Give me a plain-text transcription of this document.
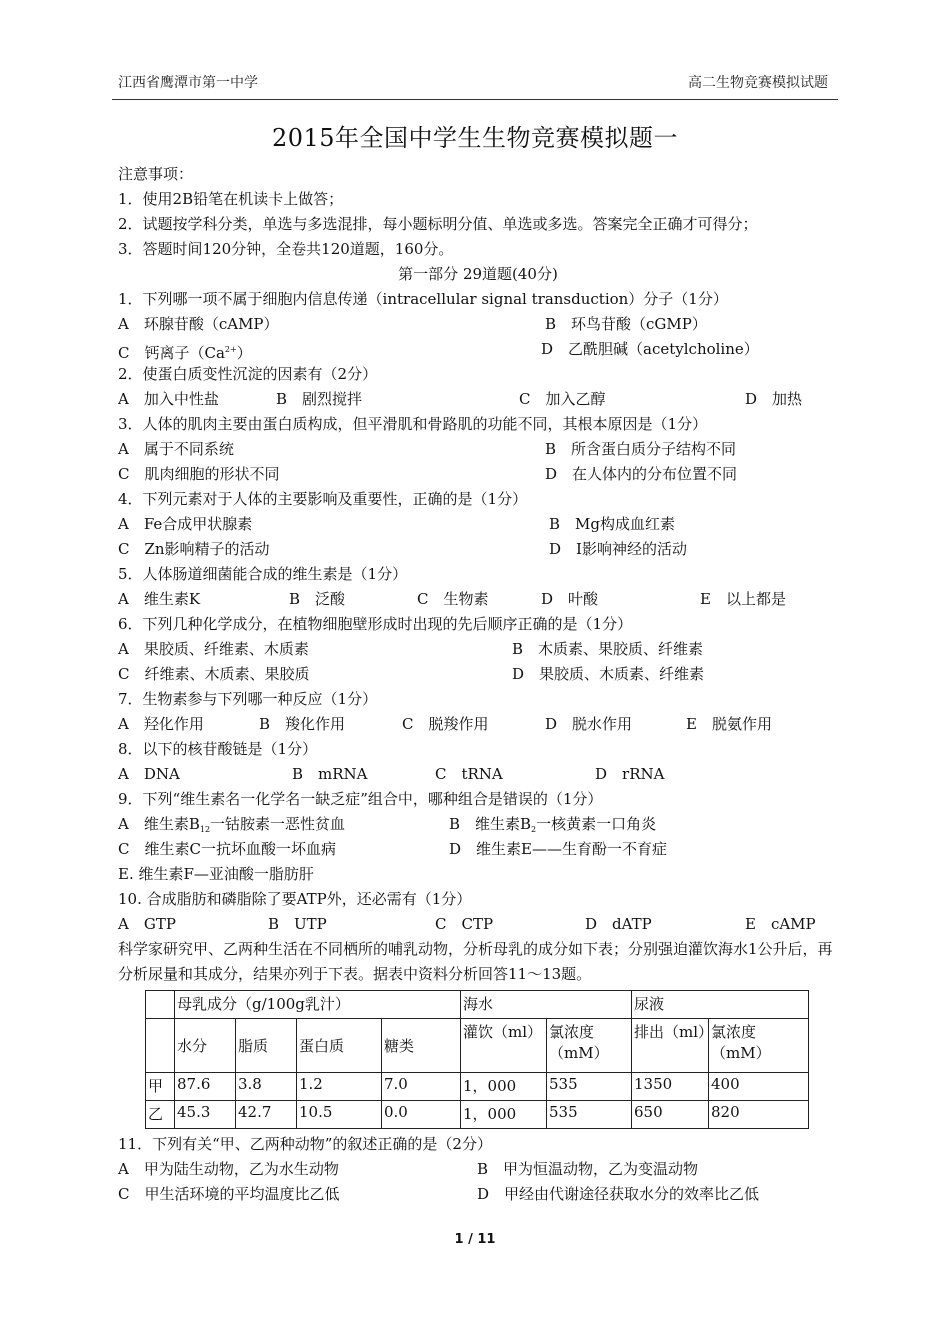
江西省鹰潭市第一中学	高二生物竞赛模拟试题
2015年全国中学生生物竞赛模拟题一
注意事项：
1．使用2B铅笔在机读卡上做答；
2．试题按学科分类，单选与多选混排，每小题标明分值、单选或多选。答案完全正确才可得分；
3．答题时间120分钟，全卷共120道题，160分。
第一部分 29道题(40分)
1．下列哪一项不属于细胞内信息传递（intracellular signal transduction）分子（1分）
A　环腺苷酸（cAMP）	B　环鸟苷酸（cGMP）
C　钙离子$(Ca^{2+})$	D　乙酰胆碱（acetylcholine）
2．使蛋白质变性沉淀的因素有（2分）
A　加入中性盐	B　剧烈搅拌	C　加入乙醇	D　加热
3．人体的肌肉主要由蛋白质构成，但平滑肌和骨路肌的功能不同，其根本原因是（1分）
A　属于不同系统	B　所含蛋白质分子结构不同
C　肌肉细胞的形状不同	D　在人体内的分布位置不同
4．下列元素对于人体的主要影响及重要性，正确的是（1分）
A　Fe合成甲状腺素	B　Mg构成血红素
C　Zn影响精子的活动	D　I影响神经的活动
5．人体肠道细菌能合成的维生素是（1分）
A　维生素K	B　泛酸	C　生物素	D　叶酸	E　以上都是
6．下列几种化学成分，在植物细胞壁形成时出现的先后顺序正确的是（1分）
A　果胶质、纤维素、木质素	B　木质素、果胶质、纤维素
C　纤维素、木质素、果胶质	D　果胶质、木质素、纤维素
7．生物素参与下列哪一种反应（1分）
A　羟化作用	B　羧化作用	C　脱羧作用	D　脱水作用	E　脱氨作用
8．以下的核苷酸链是（1分）
A　DNA	B　mRNA	C　tRNA	D　rRNA
9．下列“维生素名一化学名一缺乏症”组合中，哪种组合是错误的（1分）
A　维生素$B_{12}$一钴胺素一恶性贫血	B　维生素$B_2$一核黄素一口角炎
C　维生素C一抗坏血酸一坏血病	D　维生素E——生育酚一不育症
E. 维生素F—亚油酸一脂肪肝
10. 合成脂肪和磷脂除了要ATP外，还必需有（1分）
A　GTP	B　UTP	C　CTP	D　dATP	E　cAMP
科学家研究甲、乙两种生活在不同栖所的哺乳动物，分析母乳的成分如下表；分别强迫灌饮海水1公升后，再分析尿量和其成分，结果亦列于下表。据表中资料分析回答11～13题。
	母乳成分（g/100g乳汁）				海水		尿液	
	水分	脂质	蛋白质	糖类	灌饮（ml）	氯浓度（mM）	排出（ml）	氯浓度（mM）
甲	87.6	3.8	1.2	7.0	1，000	535	1350	400
乙	45.3	42.7	10.5	0.0	1，000	535	650	820
11．下列有关“甲、乙两种动物”的叙述正确的是（2分）
A　甲为陆生动物，乙为水生动物	B　甲为恒温动物，乙为变温动物
C　甲生活环境的平均温度比乙低	D　甲经由代谢途径获取水分的效率比乙低
1 / 11
